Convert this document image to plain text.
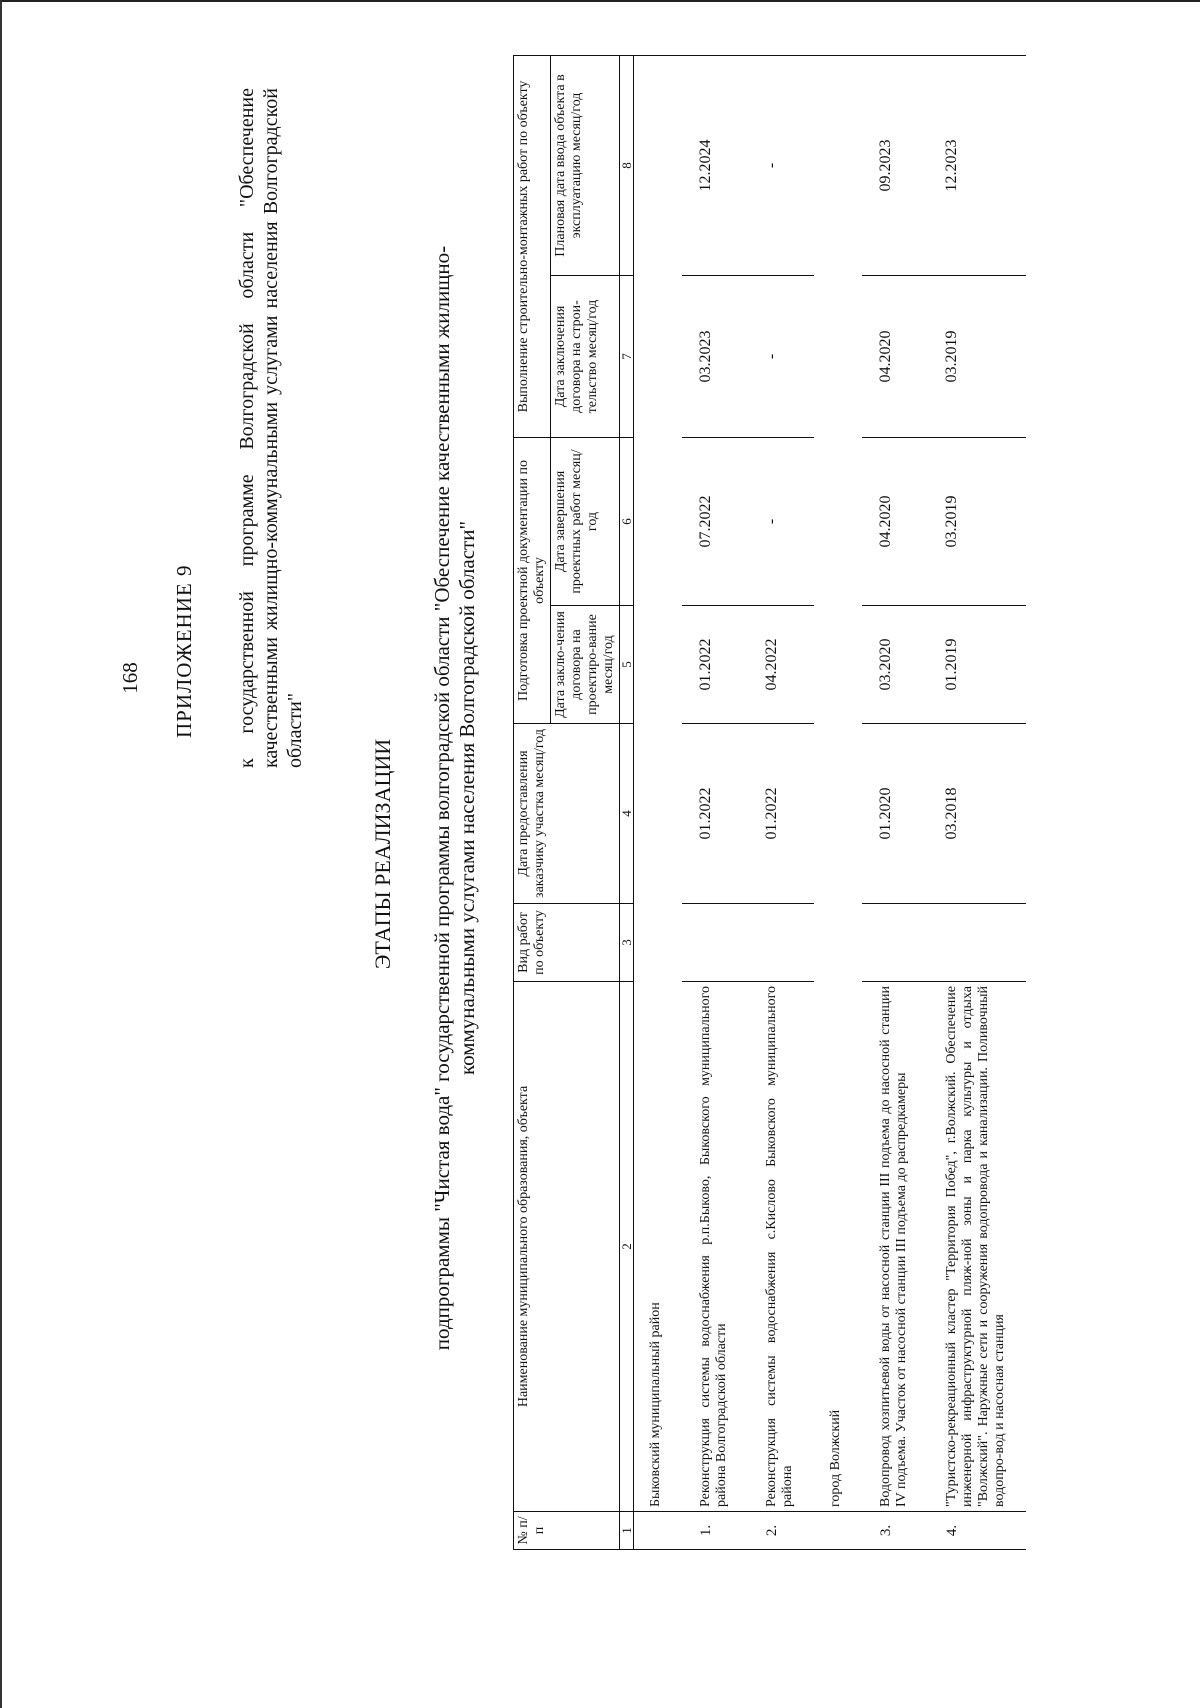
168 ПРИЛОЖЕНИЕ 9 к государственной программе Волгоградской области "Обеспечение качественными жилищно-коммунальными услугами населения Волгоградской области"
ЭТАПЫ РЕАЛИЗАЦИИ подпрограммы "Чистая вода" государственной программы волгоградской области "Обеспечение качественными жилищно-коммунальными услугами населения Волгоградской области"
№ п/п	Наименование муниципального образования, объекта	Вид работ по объекту	Дата предоставления заказчику участка месяц/год	Подготовка проектной документации по объекту		Выполнение строительно-монтажных работ по объекту	
				Дата заклю-чения договора на проектиро-вание месяц/год	Дата завершения проектных работ месяц/год	Дата заключения договора на строи-тельство месяц/год	Плановая дата ввода объекта в эксплуатацию месяц/год
1	2	3	4	5	6	7	8
	Быковский муниципальный район						
1.	Реконструкция системы водоснабжения р.п.Быково, Быковского муниципального района Волгоградской области		01.2022	01.2022	07.2022	03.2023	12.2024
2.	Реконструкция системы водоснабжения с.Кислово Быковского муниципального района		01.2022	04.2022	-	-	-
	город Волжский						
3.	Водопровод хозпитьевой воды от насосной станции III подъема до насосной станции IV подъема. Участок от насосной станции III подъема до распредкамеры		01.2020	03.2020	04.2020	04.2020	09.2023
4.	"Туристско-рекреационный кластер "Территория Побед", г.Волжский. Обеспечение инженерной инфраструктурной пляж-ной зоны и парка культуры и отдыха "Волжский". Наружные сети и сооружения водопровода и канализации. Поливочный водопро-вод и насосная станция		03.2018	01.2019	03.2019	03.2019	12.2023
